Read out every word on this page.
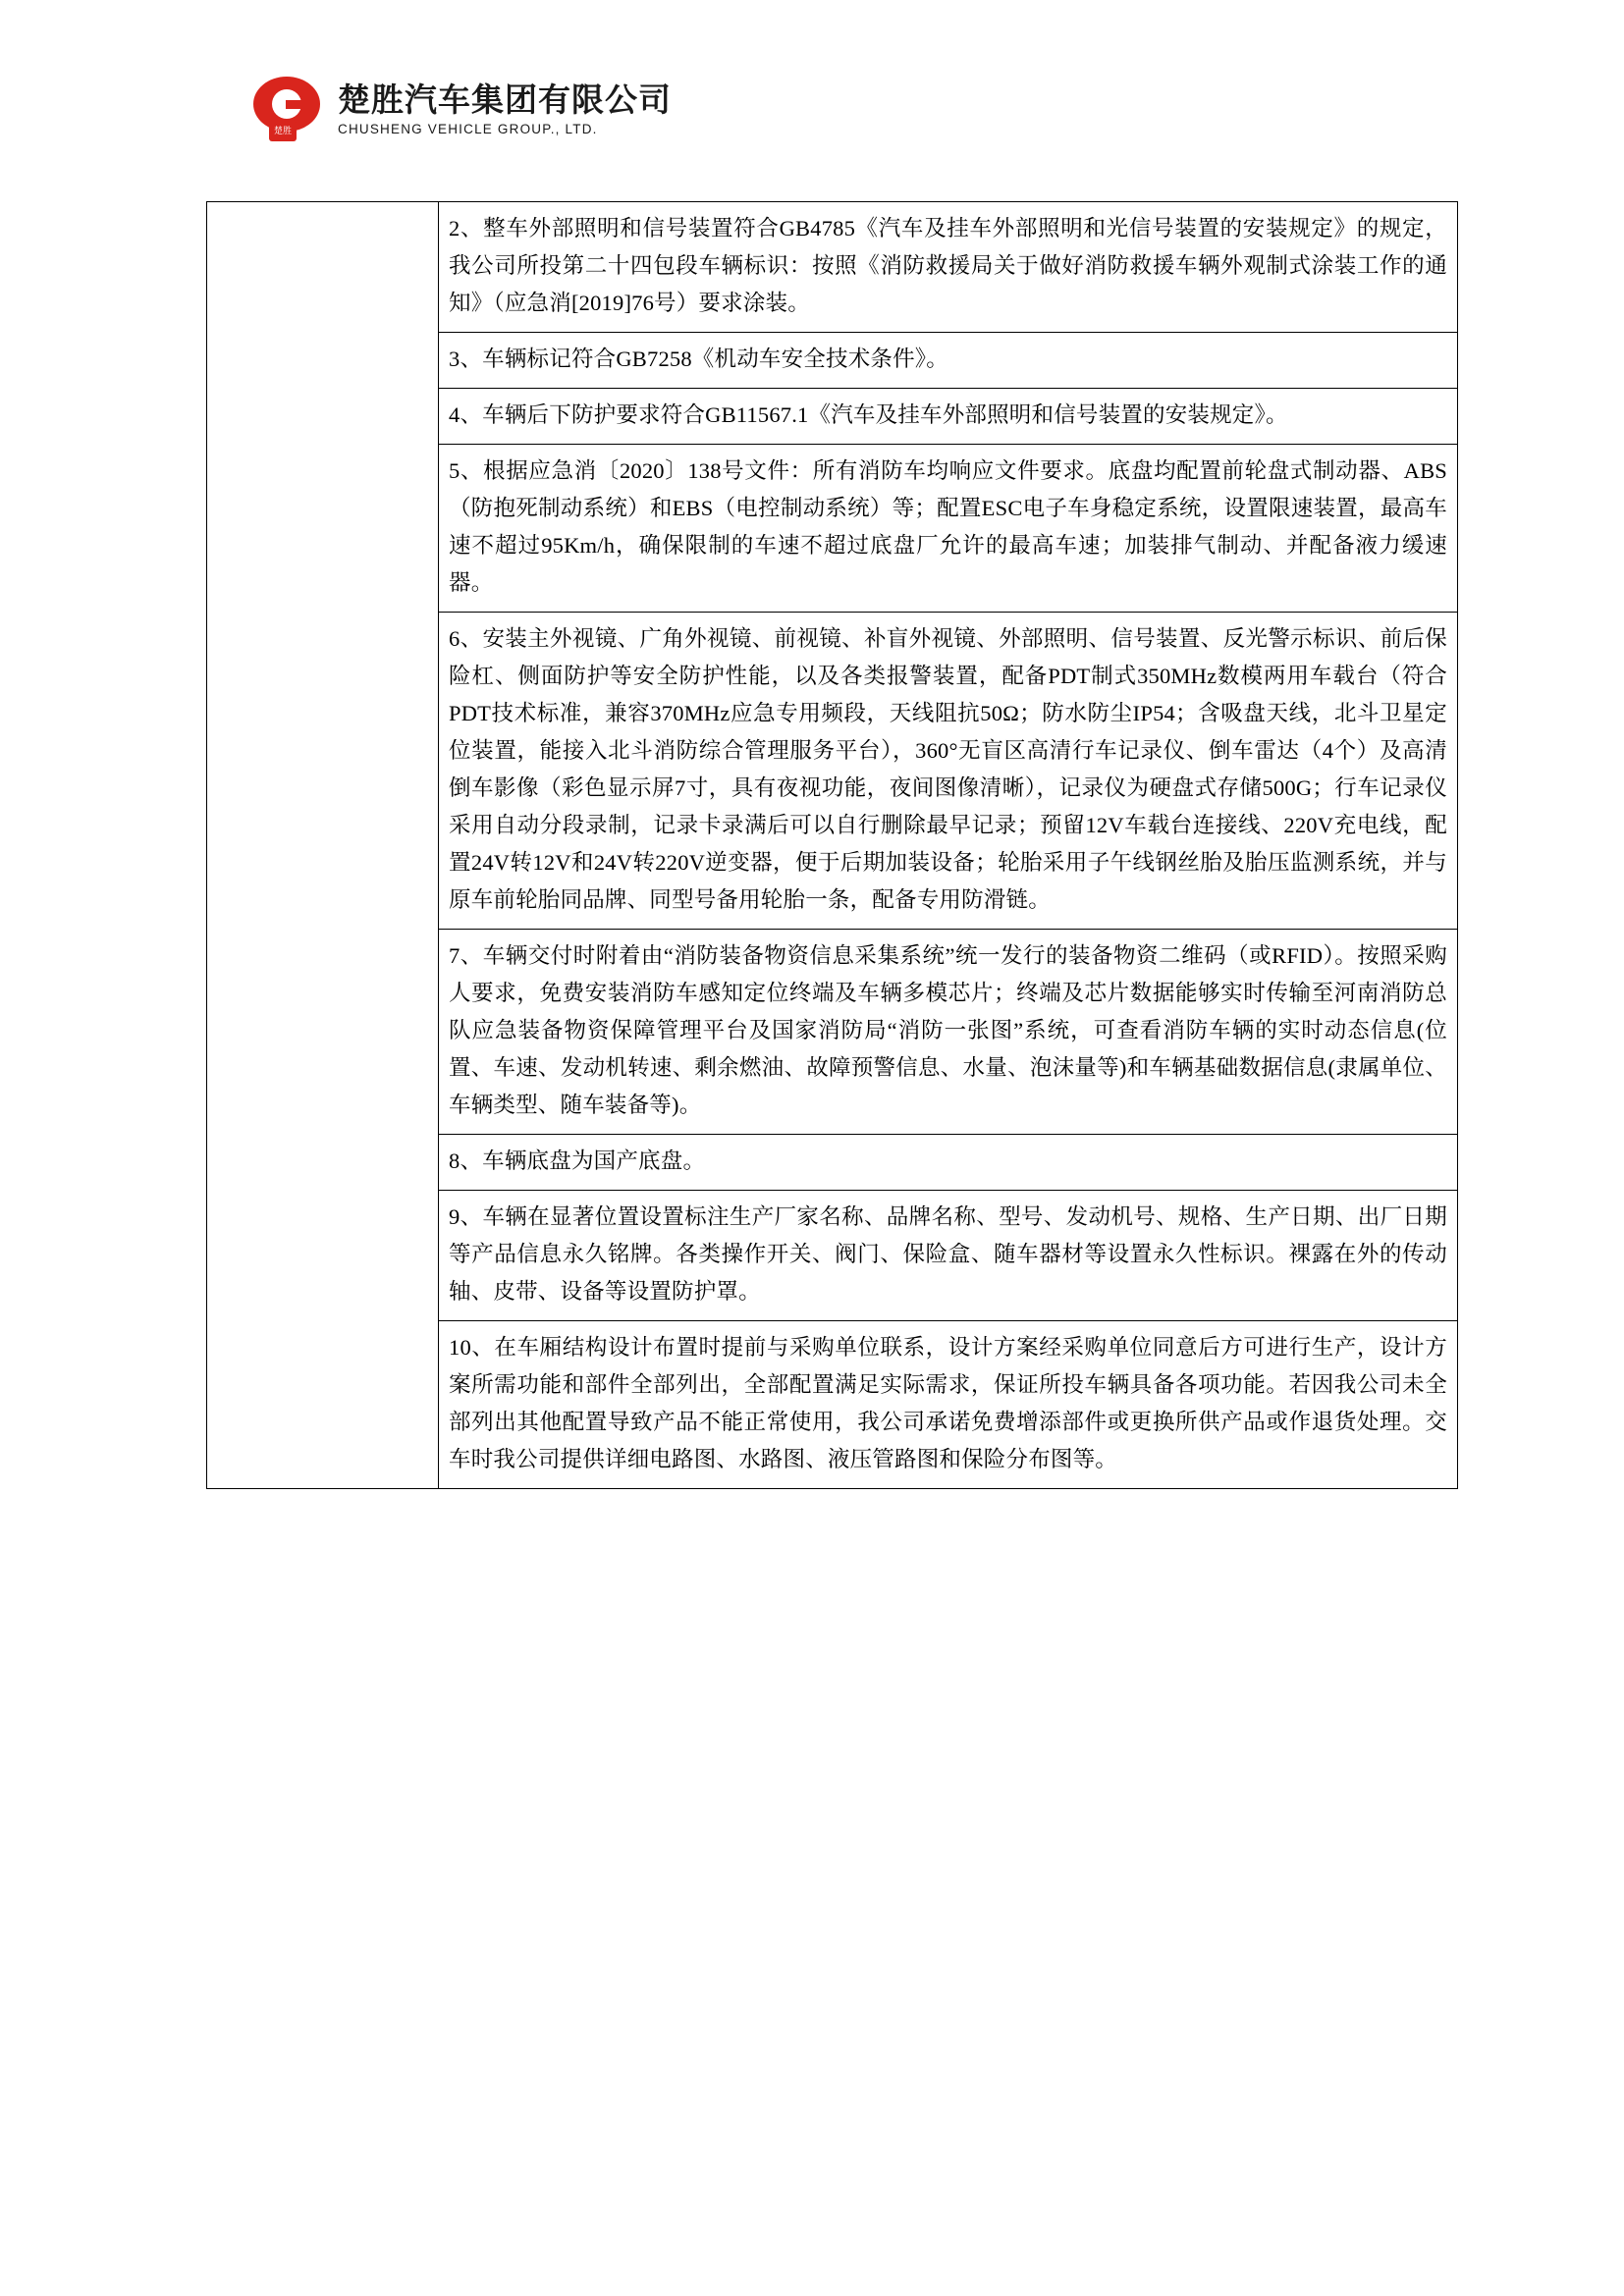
楚胜
楚胜汽车集团有限公司
CHUSHENG VEHICLE GROUP., LTD.

2、整车外部照明和信号装置符合GB4785《汽车及挂车外部照明和光信号装置的安装规定》的规定，我公司所投第二十四包段车辆标识：按照《消防救援局关于做好消防救援车辆外观制式涂装工作的通知》（应急消[2019]76号）要求涂装。

3、车辆标记符合GB7258《机动车安全技术条件》。

4、车辆后下防护要求符合GB11567.1《汽车及挂车外部照明和信号装置的安装规定》。

5、根据应急消〔2020〕138号文件：所有消防车均响应文件要求。底盘均配置前轮盘式制动器、ABS（防抱死制动系统）和EBS（电控制动系统）等；配置ESC电子车身稳定系统，设置限速装置，最高车速不超过95Km/h，确保限制的车速不超过底盘厂允许的最高车速；加装排气制动、并配备液力缓速器。

6、安装主外视镜、广角外视镜、前视镜、补盲外视镜、外部照明、信号装置、反光警示标识、前后保险杠、侧面防护等安全防护性能，以及各类报警装置，配备PDT制式350MHz数模两用车载台（符合PDT技术标准，兼容370MHz应急专用频段，天线阻抗50Ω；防水防尘IP54；含吸盘天线，北斗卫星定位装置，能接入北斗消防综合管理服务平台），360°无盲区高清行车记录仪、倒车雷达（4个）及高清倒车影像（彩色显示屏7寸，具有夜视功能，夜间图像清晰），记录仪为硬盘式存储500G；行车记录仪采用自动分段录制，记录卡录满后可以自行删除最早记录；预留12V车载台连接线、220V充电线，配置24V转12V和24V转220V逆变器，便于后期加装设备；轮胎采用子午线钢丝胎及胎压监测系统，并与原车前轮胎同品牌、同型号备用轮胎一条，配备专用防滑链。

7、车辆交付时附着由“消防装备物资信息采集系统”统一发行的装备物资二维码（或RFID）。按照采购人要求，免费安装消防车感知定位终端及车辆多模芯片；终端及芯片数据能够实时传输至河南消防总队应急装备物资保障管理平台及国家消防局“消防一张图”系统，可查看消防车辆的实时动态信息(位置、车速、发动机转速、剩余燃油、故障预警信息、水量、泡沫量等)和车辆基础数据信息(隶属单位、车辆类型、随车装备等)。

8、车辆底盘为国产底盘。

9、车辆在显著位置设置标注生产厂家名称、品牌名称、型号、发动机号、规格、生产日期、出厂日期等产品信息永久铭牌。各类操作开关、阀门、保险盒、随车器材等设置永久性标识。裸露在外的传动轴、皮带、设备等设置防护罩。

10、在车厢结构设计布置时提前与采购单位联系，设计方案经采购单位同意后方可进行生产，设计方案所需功能和部件全部列出，全部配置满足实际需求，保证所投车辆具备各项功能。若因我公司未全部列出其他配置导致产品不能正常使用，我公司承诺免费增添部件或更换所供产品或作退货处理。交车时我公司提供详细电路图、水路图、液压管路图和保险分布图等。
